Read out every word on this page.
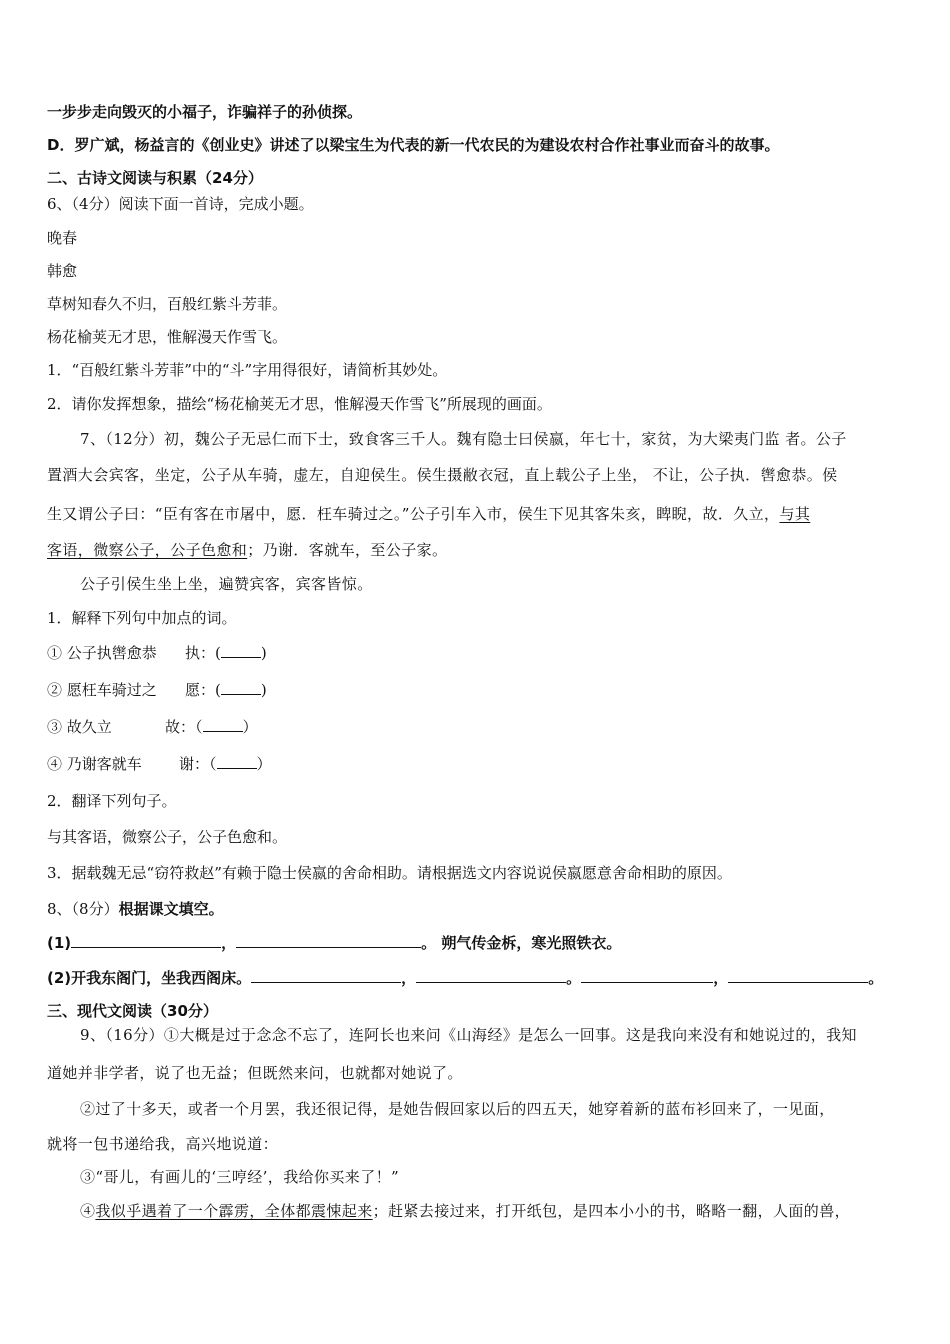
一步步走向毁灭的小福子，诈骗祥子的孙侦探。
D．罗广斌，杨益言的《创业史》讲述了以梁宝生为代表的新一代农民的为建设农村合作社事业而奋斗的故事。
二、古诗文阅读与积累（24分）
6、（4分）阅读下面一首诗，完成小题。
晚春
韩愈
草树知春久不归，百般红紫斗芳菲。
杨花榆荚无才思，惟解漫天作雪飞。
1．“百般红紫斗芳菲”中的“斗”字用得很好，请简析其妙处。
2．请你发挥想象，描绘“杨花榆荚无才思，惟解漫天作雪飞”所展现的画面。
7、（12分）初，魏公子无忌仁而下士，致食客三千人。魏有隐士曰侯嬴，年七十，家贫，为大梁夷门监 者。公子
置酒大会宾客，坐定，公子从车骑，虚左，自迎侯生。侯生摄敝衣冠，直上载公子上坐， 不让，公子执．辔愈恭。侯
生又谓公子曰：“臣有客在市屠中，愿．枉车骑过之。”公子引车入市，侯生下见其客朱亥，睥睨，故．久立，与其
客语，微察公子，公子色愈和；乃谢．客就车，至公子家。
公子引侯生坐上坐，遍赞宾客，宾客皆惊。
1．解释下列句中加点的词。
① 公子执辔愈恭 执：(	)
② 愿枉车骑过之 愿：(	)
③ 故久立	故：（	）
④ 乃谢客就车 谢：（	）
2．翻译下列句子。
与其客语，微察公子，公子色愈和。
3．据载魏无忌“窃符救赵”有赖于隐士侯嬴的舍命相助。请根据选文内容说说侯嬴愿意舍命相助的原因。
8、（8分）根据课文填空。
(1)	，	。 朔气传金柝，寒光照铁衣。
(2)开我东阁门，坐我西阁床。	，	。	，	。
三、现代文阅读（30分）
9、（16分）①大概是过于念念不忘了，连阿长也来问《山海经》是怎么一回事。这是我向来没有和她说过的，我知
道她并非学者，说了也无益；但既然来问，也就都对她说了。
②过了十多天，或者一个月罢，我还很记得，是她告假回家以后的四五天，她穿着新的蓝布衫回来了，一见面，
就将一包书递给我，高兴地说道：
③“哥儿，有画儿的‘三哼经’，我给你买来了！”
④我似乎遇着了一个霹雳，全体都震悚起来；赶紧去接过来，打开纸包，是四本小小的书，略略一翻，人面的兽，
